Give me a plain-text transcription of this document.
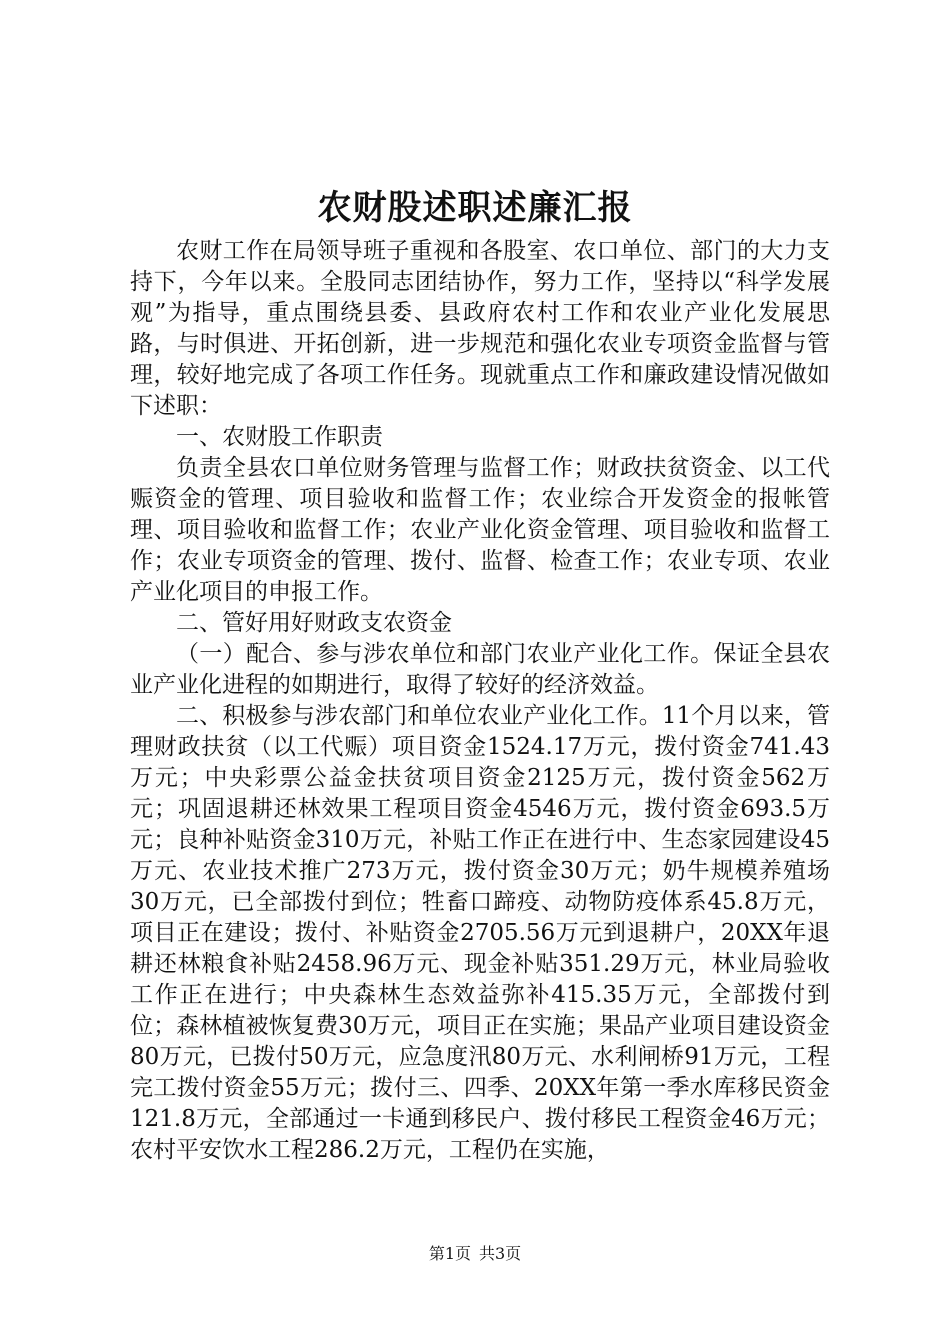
农财股述职述廉汇报

农财工作在局领导班子重视和各股室、农口单位、部门的大力支持下，今年以来。全股同志团结协作，努力工作，坚持以“科学发展观”为指导，重点围绕县委、县政府农村工作和农业产业化发展思路，与时俱进、开拓创新，进一步规范和强化农业专项资金监督与管理，较好地完成了各项工作任务。现就重点工作和廉政建设情况做如下述职：

一、农财股工作职责

负责全县农口单位财务管理与监督工作；财政扶贫资金、以工代赈资金的管理、项目验收和监督工作；农业综合开发资金的报帐管理、项目验收和监督工作；农业产业化资金管理、项目验收和监督工作；农业专项资金的管理、拨付、监督、检查工作；农业专项、农业产业化项目的申报工作。

二、管好用好财政支农资金

（一）配合、参与涉农单位和部门农业产业化工作。保证全县农业产业化进程的如期进行，取得了较好的经济效益。

二、积极参与涉农部门和单位农业产业化工作。11个月以来，管理财政扶贫（以工代赈）项目资金1524.17万元，拨付资金741.43万元；中央彩票公益金扶贫项目资金2125万元，拨付资金562万元；巩固退耕还林效果工程项目资金4546万元，拨付资金693.5万元；良种补贴资金310万元，补贴工作正在进行中、生态家园建设45万元、农业技术推广273万元，拨付资金30万元；奶牛规模养殖场30万元，已全部拨付到位；牲畜口蹄疫、动物防疫体系45.8万元，项目正在建设；拨付、补贴资金2705.56万元到退耕户，20XX年退耕还林粮食补贴2458.96万元、现金补贴351.29万元，林业局验收工作正在进行；中央森林生态效益弥补415.35万元，全部拨付到位；森林植被恢复费30万元，项目正在实施；果品产业项目建设资金80万元，已拨付50万元，应急度汛80万元、水利闸桥91万元，工程完工拨付资金55万元；拨付三、四季、20XX年第一季水库移民资金121.8万元，全部通过一卡通到移民户、拨付移民工程资金46万元；农村平安饮水工程286.2万元，工程仍在实施，

第1页 共3页
